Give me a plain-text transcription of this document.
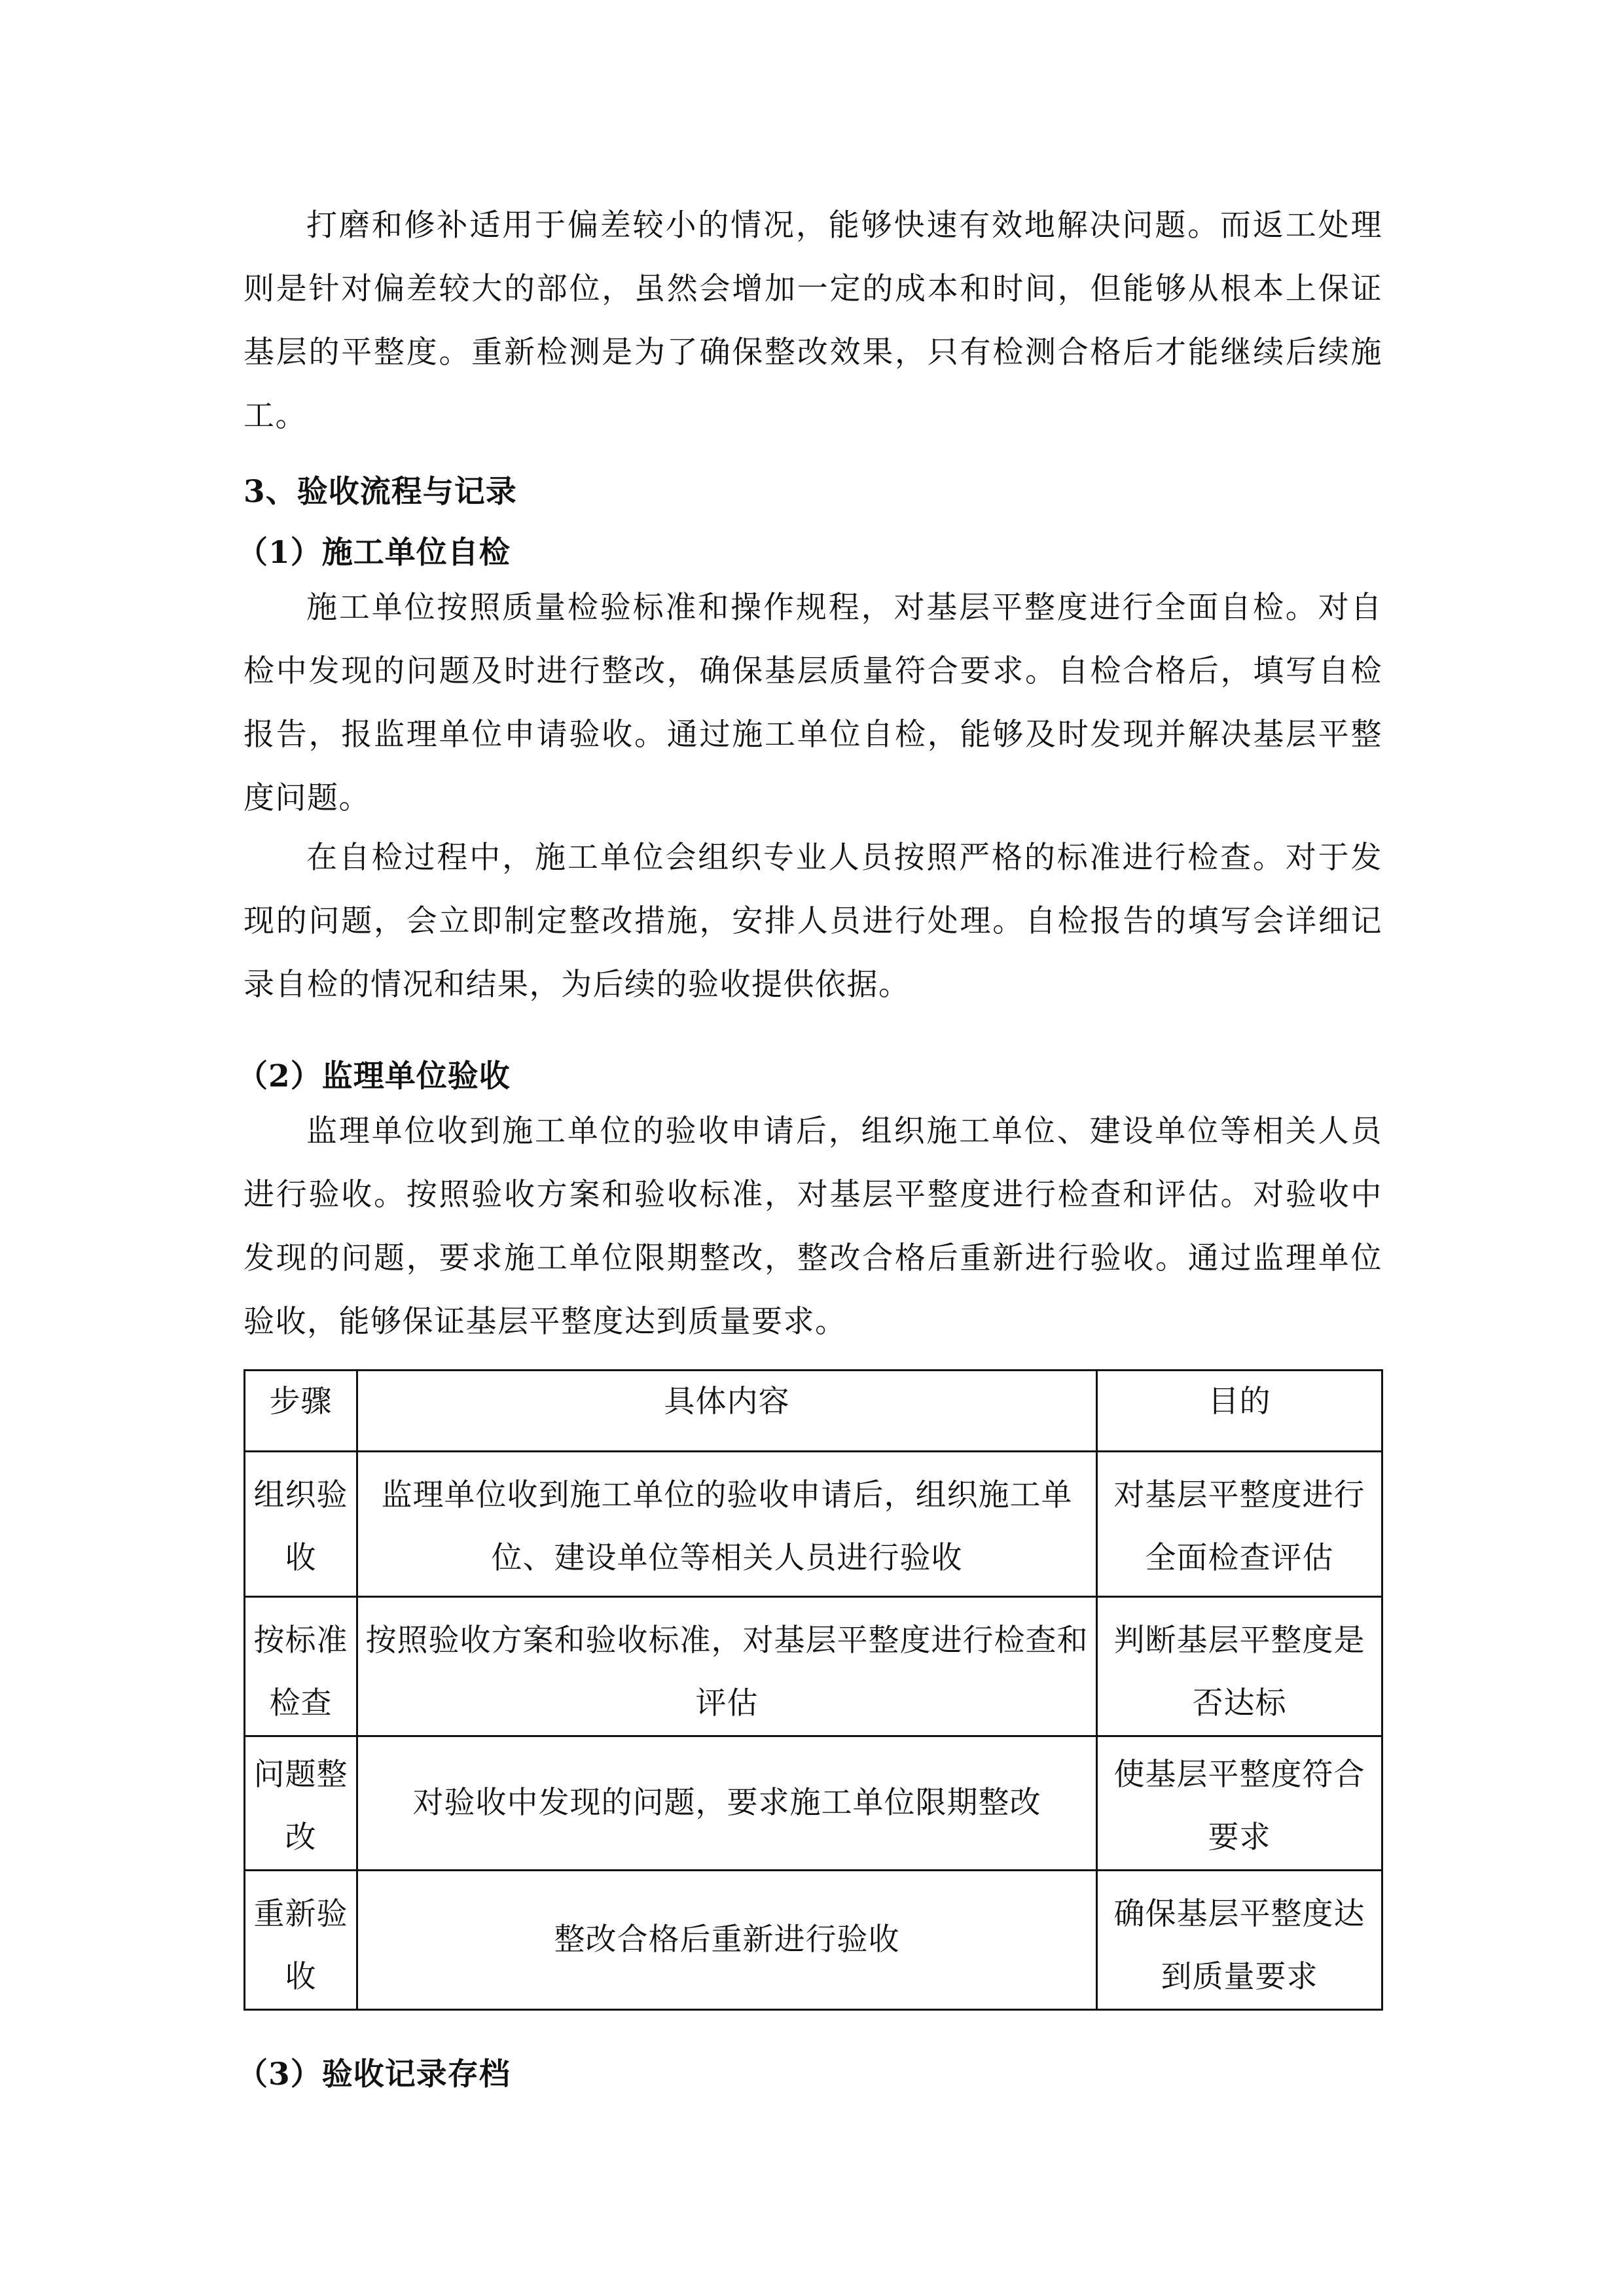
打磨和修补适用于偏差较小的情况，能够快速有效地解决问题。而返工处理则是针对偏差较大的部位，虽然会增加一定的成本和时间，但能够从根本上保证基层的平整度。重新检测是为了确保整改效果，只有检测合格后才能继续后续施工。

3、验收流程与记录
（1）施工单位自检

施工单位按照质量检验标准和操作规程，对基层平整度进行全面自检。对自检中发现的问题及时进行整改，确保基层质量符合要求。自检合格后，填写自检报告，报监理单位申请验收。通过施工单位自检，能够及时发现并解决基层平整度问题。

在自检过程中，施工单位会组织专业人员按照严格的标准进行检查。对于发现的问题，会立即制定整改措施，安排人员进行处理。自检报告的填写会详细记录自检的情况和结果，为后续的验收提供依据。

（2）监理单位验收

监理单位收到施工单位的验收申请后，组织施工单位、建设单位等相关人员进行验收。按照验收方案和验收标准，对基层平整度进行检查和评估。对验收中发现的问题，要求施工单位限期整改，整改合格后重新进行验收。通过监理单位验收，能够保证基层平整度达到质量要求。

步骤	具体内容	目的
组织验收	监理单位收到施工单位的验收申请后，组织施工单位、建设单位等相关人员进行验收	对基层平整度进行全面检查评估
按标准检查	按照验收方案和验收标准，对基层平整度进行检查和评估	判断基层平整度是否达标
问题整改	对验收中发现的问题，要求施工单位限期整改	使基层平整度符合要求
重新验收	整改合格后重新进行验收	确保基层平整度达到质量要求
（3）验收记录存档
